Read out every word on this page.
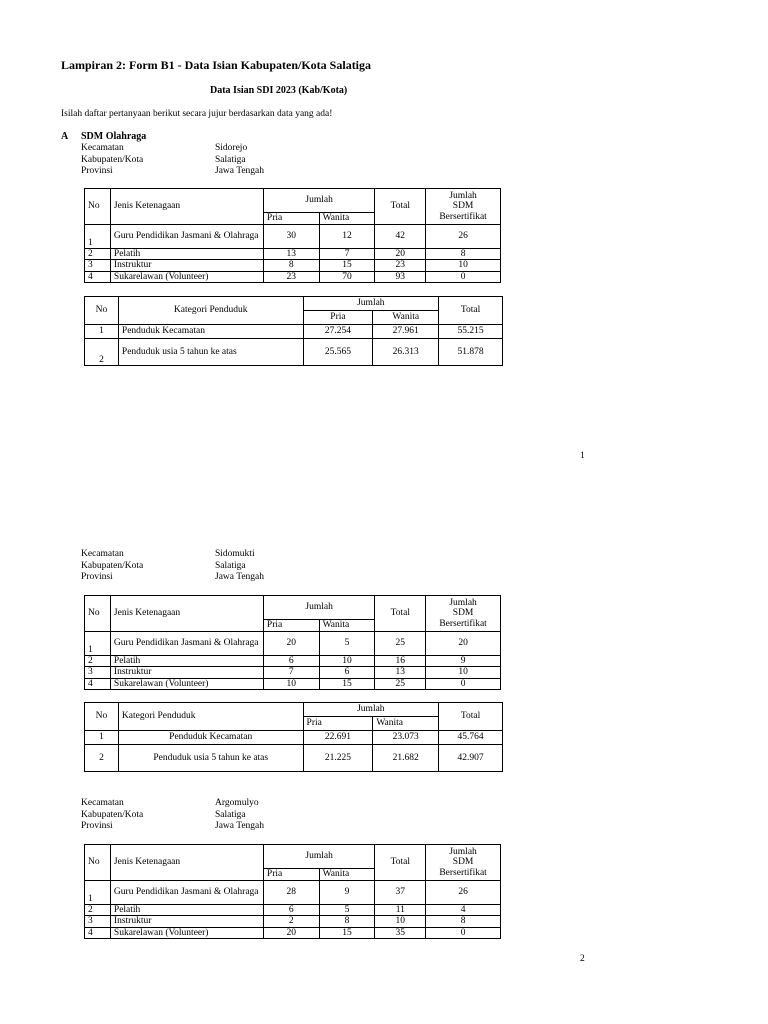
Lampiran 2: Form B1 - Data Isian Kabupaten/Kota Salatiga
Data Isian SDI 2023 (Kab/Kota)
Isilah daftar pertanyaan berikut secara jujur berdasarkan data yang ada!
A SDM Olahraga
Kecamatan	Sidorejo
Kabupaten/Kota	Salatiga
Provinsi	Jawa Tengah
No	Jenis Ketenagaan	Jumlah		Total	Jumlah
SDM
Bersertifikat

		Pria	Wanita		
1	Guru Pendidikan Jasmani & Olahraga	30	12	42	26
2	Pelatih	13	7	20	8
3	Instruktur	8	15	23	10
4	Sukarelawan (Volunteer)	23	70	93	0
No	Kategori Penduduk	Jumlah		Total
		Pria	Wanita	
1	Penduduk Kecamatan	27.254	27.961	55.215
2	Penduduk usia 5 tahun ke atas	25.565	26.313	51.878
1
Kecamatan	Sidomukti
Kabupaten/Kota	Salatiga
Provinsi	Jawa Tengah
No	Jenis Ketenagaan	Jumlah		Total	Jumlah
SDM
Bersertifikat

		Pria	Wanita		
1	Guru Pendidikan Jasmani & Olahraga	20	5	25	20
2	Pelatih	6	10	16	9
3	Instruktur	7	6	13	10
4	Sukarelawan (Volunteer)	10	15	25	0
No	Kategori Penduduk	Jumlah		Total
		Pria	Wanita	
1	Penduduk Kecamatan	22.691	23.073	45.764
2	Penduduk usia 5 tahun ke atas	21.225	21.682	42.907
Kecamatan	Argomulyo
Kabupaten/Kota	Salatiga
Provinsi	Jawa Tengah
No	Jenis Ketenagaan	Jumlah		Total	Jumlah
SDM
Bersertifikat

		Pria	Wanita		
1	Guru Pendidikan Jasmani & Olahraga	28	9	37	26
2	Pelatih	6	5	11	4
3	Instruktur	2	8	10	8
4	Sukarelawan (Volunteer)	20	15	35	0
2
